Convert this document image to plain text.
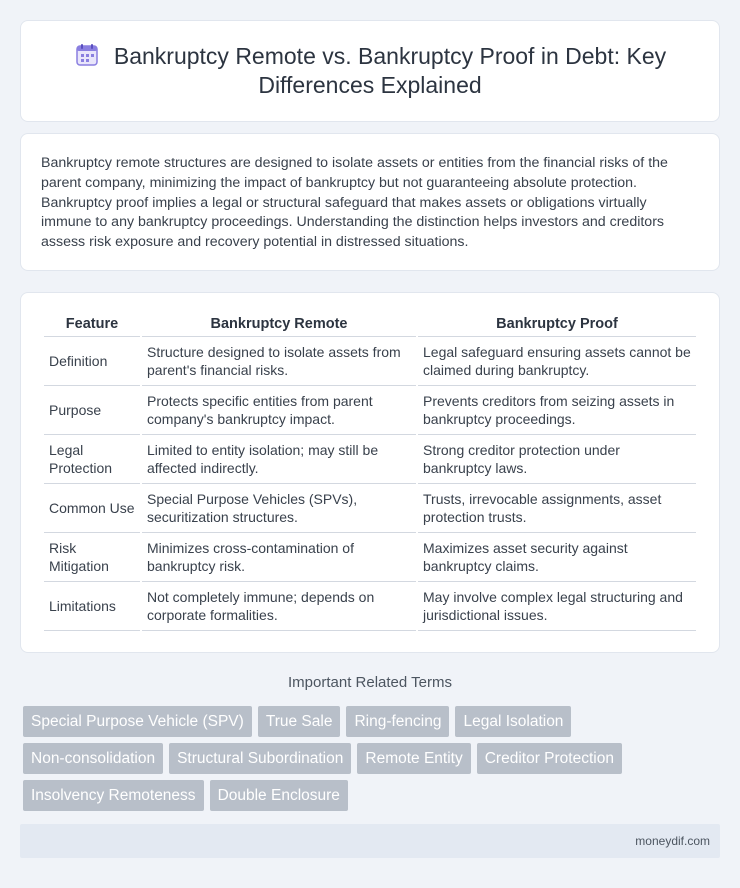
Bankruptcy Remote vs. Bankruptcy Proof in Debt: Key Differences Explained

Bankruptcy remote structures are designed to isolate assets or entities from the financial risks of the parent company, minimizing the impact of bankruptcy but not guaranteeing absolute protection. Bankruptcy proof implies a legal or structural safeguard that makes assets or obligations virtually immune to any bankruptcy proceedings. Understanding the distinction helps investors and creditors assess risk exposure and recovery potential in distressed situations.

Feature	Bankruptcy Remote	Bankruptcy Proof
Definition	Structure designed to isolate assets from parent's financial risks.	Legal safeguard ensuring assets cannot be claimed during bankruptcy.
Purpose	Protects specific entities from parent company's bankruptcy impact.	Prevents creditors from seizing assets in bankruptcy proceedings.
Legal Protection	Limited to entity isolation; may still be affected indirectly.	Strong creditor protection under bankruptcy laws.
Common Use	Special Purpose Vehicles (SPVs), securitization structures.	Trusts, irrevocable assignments, asset protection trusts.
Risk Mitigation	Minimizes cross-contamination of bankruptcy risk.	Maximizes asset security against bankruptcy claims.
Limitations	Not completely immune; depends on corporate formalities.	May involve complex legal structuring and jurisdictional issues.
Important Related Terms
Special Purpose Vehicle (SPV)	True Sale	Ring-fencing	Legal Isolation
Non-consolidation	Structural Subordination	Remote Entity	Creditor Protection
Insolvency Remoteness	Double Enclosure
moneydif.com
